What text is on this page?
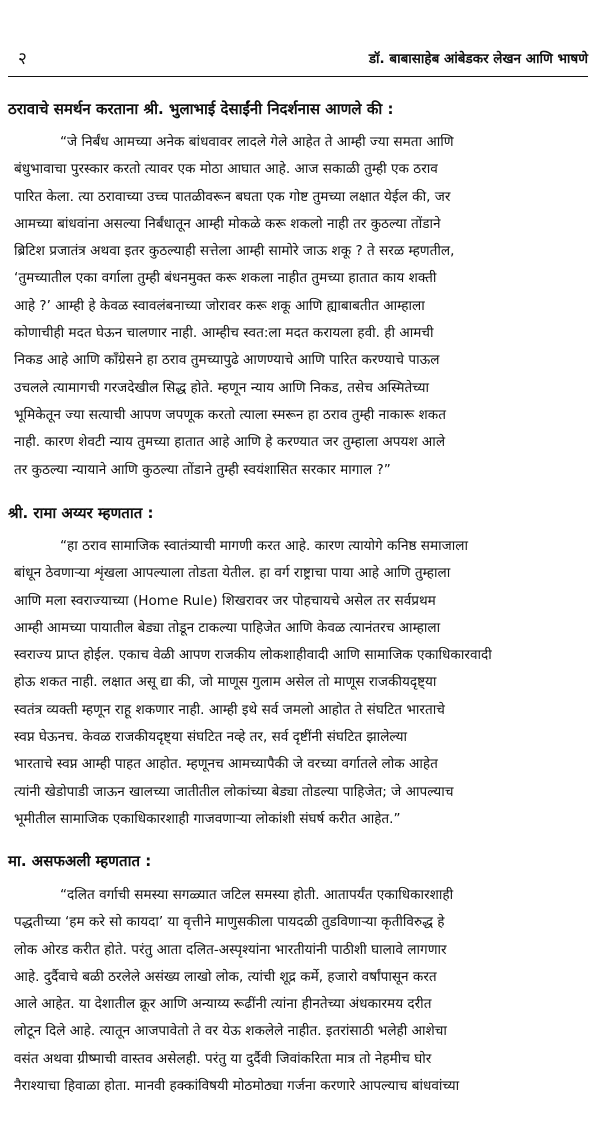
२	डॉ. बाबासाहेब आंबेडकर लेखन आणि भाषणे
ठरावाचे समर्थन करताना श्री. भुलाभाई देसाईंनी निदर्शनास आणले की :
“जे निर्बंध आमच्या अनेक बांधवावर लादले गेले आहेत ते आम्ही ज्या समता आणि
बंधुभावाचा पुरस्कार करतो त्यावर एक मोठा आघात आहे. आज सकाळी तुम्ही एक ठराव
पारित केला. त्या ठरावाच्या उच्च पातळीवरून बघता एक गोष्ट तुमच्या लक्षात येईल की, जर
आमच्या बांधवांना असल्या निर्बंधातून आम्ही मोकळे करू शकलो नाही तर कुठल्या तोंडाने
ब्रिटिश प्रजातंत्र अथवा इतर कुठल्याही सत्तेला आम्ही सामोरे जाऊ शकू ? ते सरळ म्हणतील,
‘तुमच्यातील एका वर्गाला तुम्ही बंधनमुक्त करू शकला नाहीत तुमच्या हातात काय शक्ती
आहे ?’ आम्ही हे केवळ स्वावलंबनाच्या जोरावर करू शकू आणि ह्याबाबतीत आम्हाला
कोणाचीही मदत घेऊन चालणार नाही. आम्हीच स्वत:ला मदत करायला हवी. ही आमची
निकड आहे आणि काँग्रेसने हा ठराव तुमच्यापुढे आणण्याचे आणि पारित करण्याचे पाऊल
उचलले त्यामागची गरजदेखील सिद्ध होते. म्हणून न्याय आणि निकड, तसेच अस्मितेच्या
भूमिकेतून ज्या सत्याची आपण जपणूक करतो त्याला स्मरून हा ठराव तुम्ही नाकारू शकत
नाही. कारण शेवटी न्याय तुमच्या हातात आहे आणि हे करण्यात जर तुम्हाला अपयश आले
तर कुठल्या न्यायाने आणि कुठल्या तोंडाने तुम्ही स्वयंशासित सरकार मागाल ?”
श्री. रामा अय्यर म्हणतात :
“हा ठराव सामाजिक स्वातंत्र्याची मागणी करत आहे. कारण त्यायोगे कनिष्ठ समाजाला
बांधून ठेवणाऱ्या शृंखला आपल्याला तोडता येतील. हा वर्ग राष्ट्राचा पाया आहे आणि तुम्हाला
आणि मला स्वराज्याच्या (Home Rule) शिखरावर जर पोहचायचे असेल तर सर्वप्रथम
आम्ही आमच्या पायातील बेड्या तोडून टाकल्या पाहिजेत आणि केवळ त्यानंतरच आम्हाला
स्वराज्य प्राप्त होईल. एकाच वेळी आपण राजकीय लोकशाहीवादी आणि सामाजिक एकाधिकारवादी
होऊ शकत नाही. लक्षात असू द्या की, जो माणूस गुलाम असेल तो माणूस राजकीयदृष्ट्या
स्वतंत्र व्यक्ती म्हणून राहू शकणार नाही. आम्ही इथे सर्व जमलो आहोत ते संघटित भारताचे
स्वप्न घेऊनच. केवळ राजकीयदृष्ट्या संघटित नव्हे तर, सर्व दृष्टींनी संघटित झालेल्या
भारताचे स्वप्न आम्ही पाहत आहोत. म्हणूनच आमच्यापैकी जे वरच्या वर्गातले लोक आहेत
त्यांनी खेडोपाडी जाऊन खालच्या जातीतील लोकांच्या बेड्या तोडल्या पाहिजेत; जे आपल्याच
भूमीतील सामाजिक एकाधिकारशाही गाजवणाऱ्या लोकांशी संघर्ष करीत आहेत.”
मा. असफअली म्हणतात :
“दलित वर्गाची समस्या सगळ्यात जटिल समस्या होती. आतापर्यंत एकाधिकारशाही
पद्धतीच्या ‘हम करे सो कायदा’ या वृत्तीने माणुसकीला पायदळी तुडविणाऱ्या कृतीविरुद्ध हे
लोक ओरड करीत होते. परंतु आता दलित-अस्पृश्यांना भारतीयांनी पाठीशी घालावे लागणार
आहे. दुर्दैवाचे बळी ठरलेले असंख्य लाखो लोक, त्यांची शूद्र कर्मे, हजारो वर्षांपासून करत
आले आहेत. या देशातील क्रूर आणि अन्याय्य रूढींनी त्यांना हीनतेच्या अंधकारमय दरीत
लोटून दिले आहे. त्यातून आजपावेतो ते वर येऊ शकलेले नाहीत. इतरांसाठी भलेही आशेचा
वसंत अथवा ग्रीष्माची वास्तव असेलही. परंतु या दुर्दैवी जिवांकरिता मात्र तो नेहमीच घोर
नैराश्याचा हिवाळा होता. मानवी हक्कांविषयी मोठमोठ्या गर्जना करणारे आपल्याच बांधवांच्या
